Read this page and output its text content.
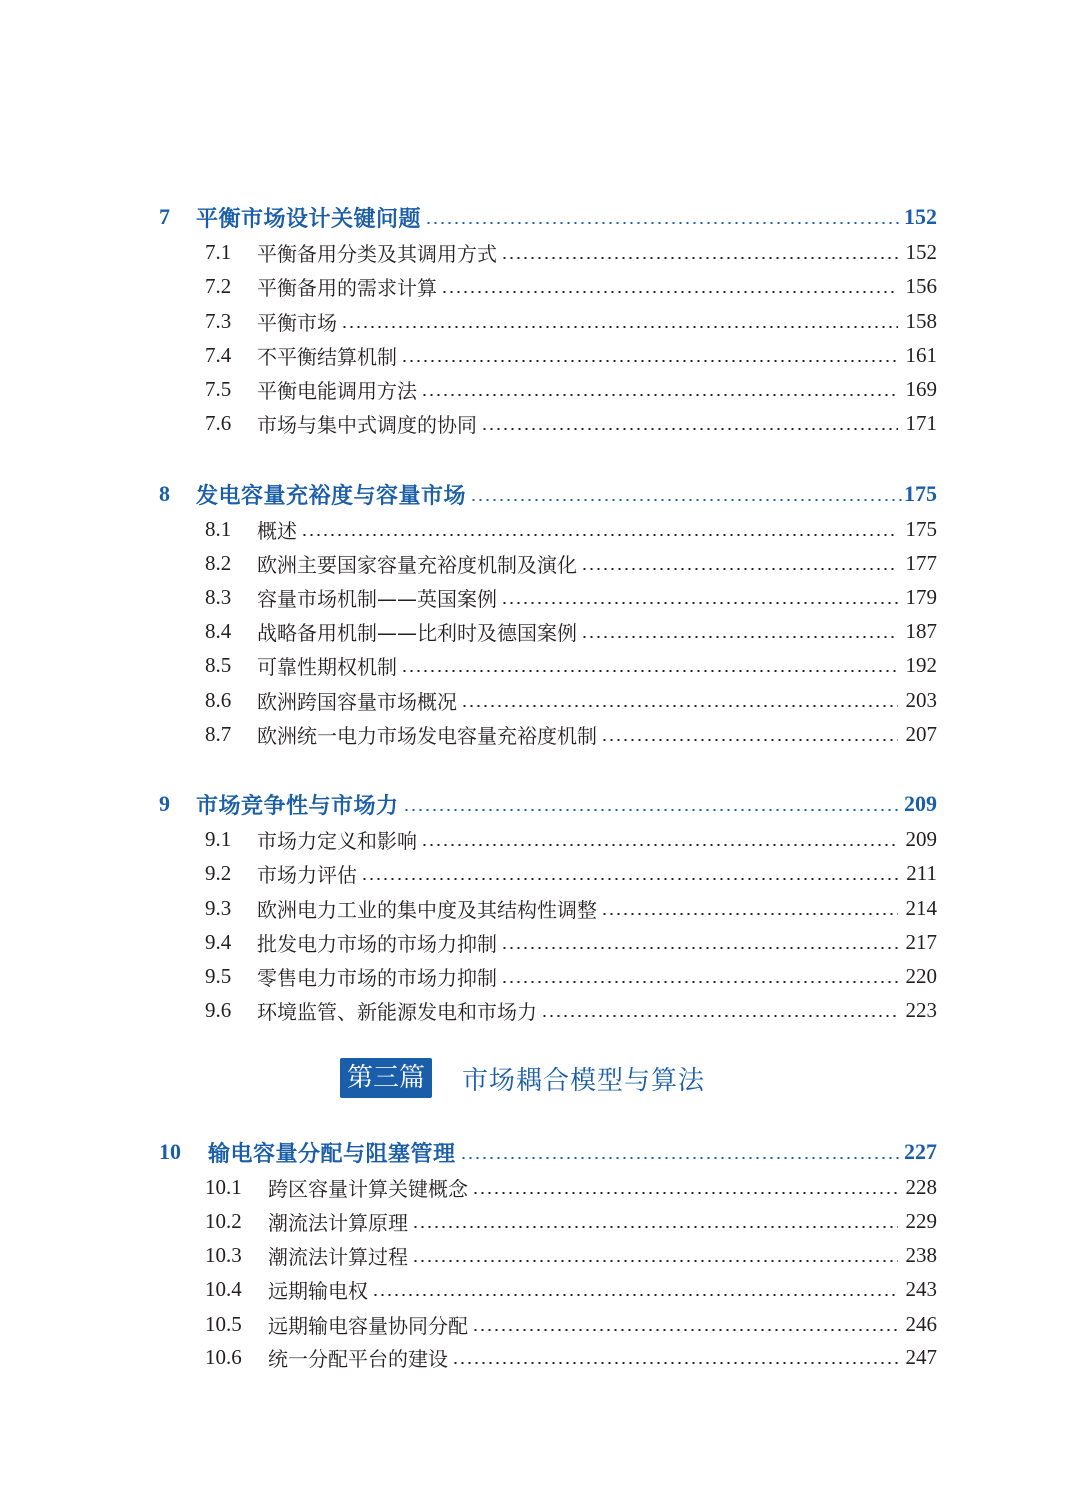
7 平衡市场设计关键问题	152
7.1 平衡备用分类及其调用方式	152
7.2 平衡备用的需求计算	156
7.3 平衡市场	158
7.4 不平衡结算机制	161
7.5 平衡电能调用方法	169
7.6 市场与集中式调度的协同	171
8 发电容量充裕度与容量市场	175
8.1 概述	175
8.2 欧洲主要国家容量充裕度机制及演化	177
8.3 容量市场机制——英国案例	179
8.4 战略备用机制——比利时及德国案例	187
8.5 可靠性期权机制	192
8.6 欧洲跨国容量市场概况	203
8.7 欧洲统一电力市场发电容量充裕度机制	207
9 市场竞争性与市场力	209
9.1 市场力定义和影响	209
9.2 市场力评估	211
9.3 欧洲电力工业的集中度及其结构性调整	214
9.4 批发电力市场的市场力抑制	217
9.5 零售电力市场的市场力抑制	220
9.6 环境监管、新能源发电和市场力	223
第三篇 市场耦合模型与算法
10 输电容量分配与阻塞管理	227
10.1 跨区容量计算关键概念	228
10.2 潮流法计算原理	229
10.3 潮流法计算过程	238
10.4 远期输电权	243
10.5 远期输电容量协同分配	246
10.6 统一分配平台的建设	247
